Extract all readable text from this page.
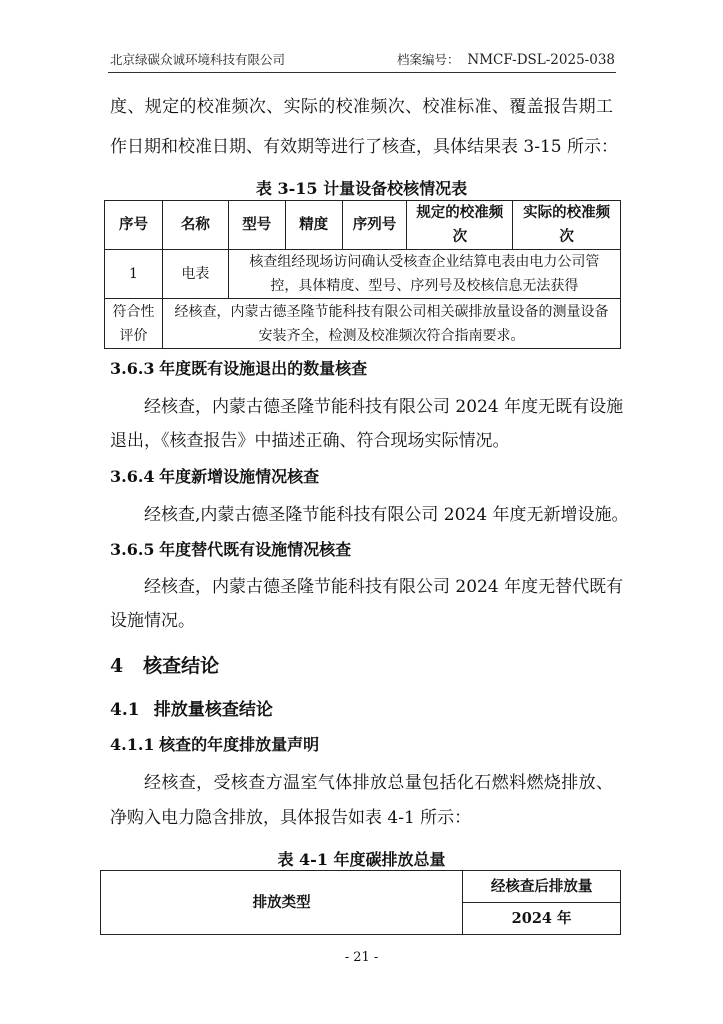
北京绿碳众诚环境科技有限公司	档案编号： NMCF-DSL-2025-038
度、规定的校准频次、实际的校准频次、校准标准、覆盖报告期工
作日期和校准日期、有效期等进行了核查，具体结果表 3-15 所示：
表 3-15 计量设备校核情况表
序号	名称	型号	精度	序列号	规定的校准频次	实际的校准频次
1	电表	核查组经现场访问确认受核查企业结算电表由电力公司管控，具体精度、型号、序列号及校核信息无法获得				
符合性评价	经核查，内蒙古德圣隆节能科技有限公司相关碳排放量设备的测量设备安装齐全，检测及校准频次符合指南要求。					
3.6.3 年度既有设施退出的数量核查
经核查，内蒙古德圣隆节能科技有限公司 2024 年度无既有设施
退出，《核查报告》中描述正确、符合现场实际情况。
3.6.4 年度新增设施情况核查
经核查,内蒙古德圣隆节能科技有限公司 2024 年度无新增设施。
3.6.5 年度替代既有设施情况核查
经核查，内蒙古德圣隆节能科技有限公司 2024 年度无替代既有
设施情况。
4 核查结论
4.1 排放量核查结论
4.1.1 核查的年度排放量声明
经核查，受核查方温室气体排放总量包括化石燃料燃烧排放、
净购入电力隐含排放，具体报告如表 4-1 所示：
表 4-1 年度碳排放总量
排放类型	经核查后排放量
2024 年
- 21 -
